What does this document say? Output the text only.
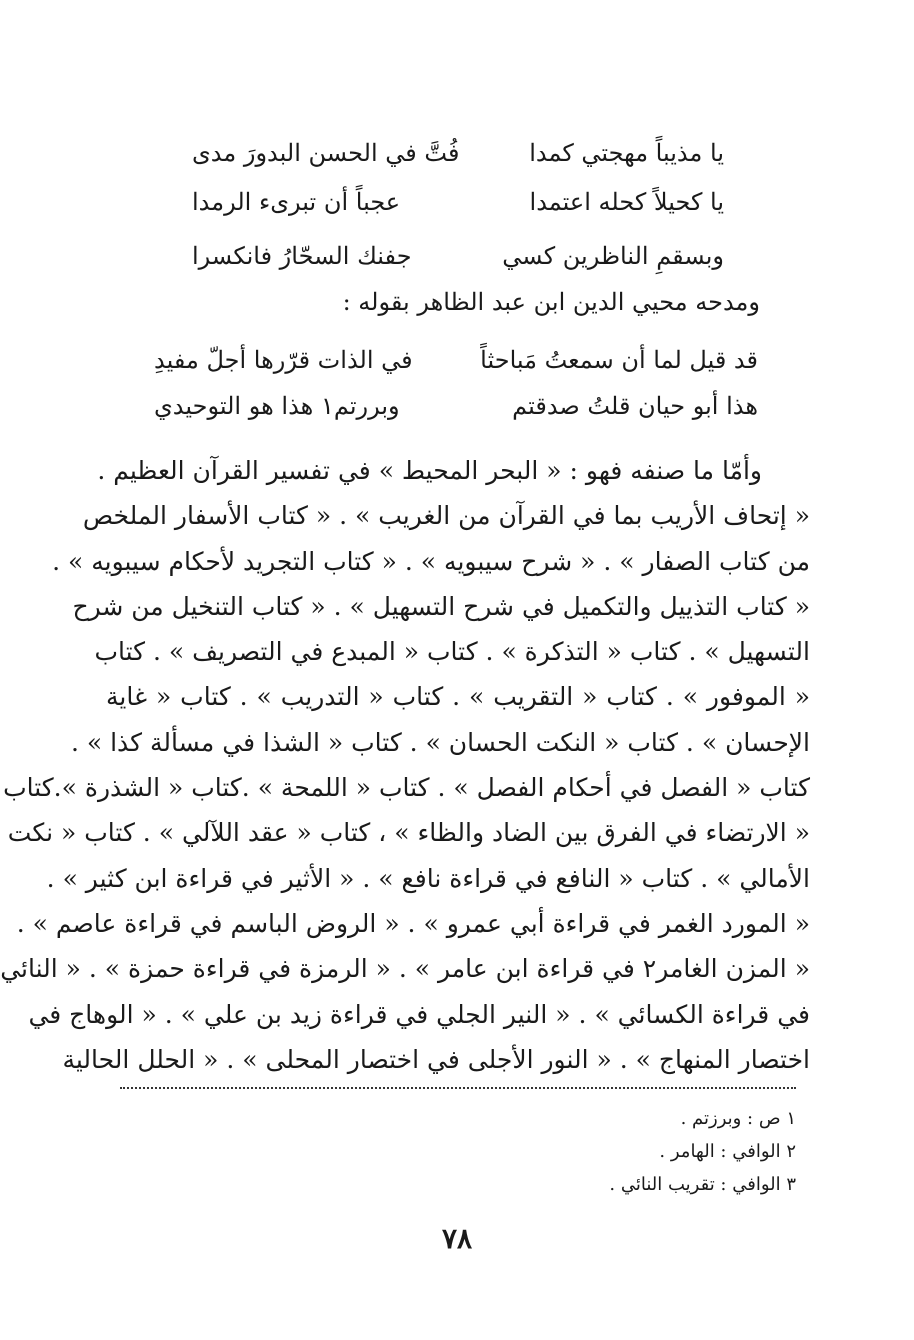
يا مذيباً مهجتي كمدا
فُتَّ في الحسن البدورَ مدى
يا كحيلاً كحله اعتمدا
عجباً أن تبرىء الرمدا
وبسقمِ الناظرين كسي
جفنك السحّارُ فانكسرا
ومدحه محيي الدين ابن عبد الظاهر بقوله :
قد قيل لما أن سمعتُ مَباحثاً
في الذات قرّرها أجلّ مفيدِ
هذا أبو حيان قلتُ صدقتم
وبررتم١ هذا هو التوحيدي
وأمّا ما صنفه فهو : « البحر المحيط » في تفسير القرآن العظيم .
« إتحاف الأريب بما في القرآن من الغريب » . « كتاب الأسفار الملخص
من كتاب الصفار » . « شرح سيبويه » . « كتاب التجريد لأحكام سيبويه » .
« كتاب التذييل والتكميل في شرح التسهيل » . « كتاب التنخيل من شرح
التسهيل » . كتاب « التذكرة » . كتاب « المبدع في التصريف » . كتاب
« الموفور » . كتاب « التقريب » . كتاب « التدريب » . كتاب « غاية
الإحسان » . كتاب « النكت الحسان » . كتاب « الشذا في مسألة كذا » .
كتاب « الفصل في أحكام الفصل » . كتاب « اللمحة » .كتاب « الشذرة ».كتاب
« الارتضاء في الفرق بين الضاد والظاء » ، كتاب « عقد اللآلي » . كتاب « نكت
الأمالي » . كتاب « النافع في قراءة نافع » . « الأثير في قراءة ابن كثير » .
« المورد الغمر في قراءة أبي عمرو » . « الروض الباسم في قراءة عاصم » .
« المزن الغامر٢ في قراءة ابن عامر » . « الرمزة في قراءة حمزة » . « النائي
في قراءة الكسائي » . « النير الجلي في قراءة زيد بن علي » . « الوهاج في
اختصار المنهاج » . « النور الأجلى في اختصار المحلى » . « الحلل الحالية
١ ص : وبرزتم .
٢ الوافي : الهامر .
٣ الوافي : تقريب النائي .
٧٨
